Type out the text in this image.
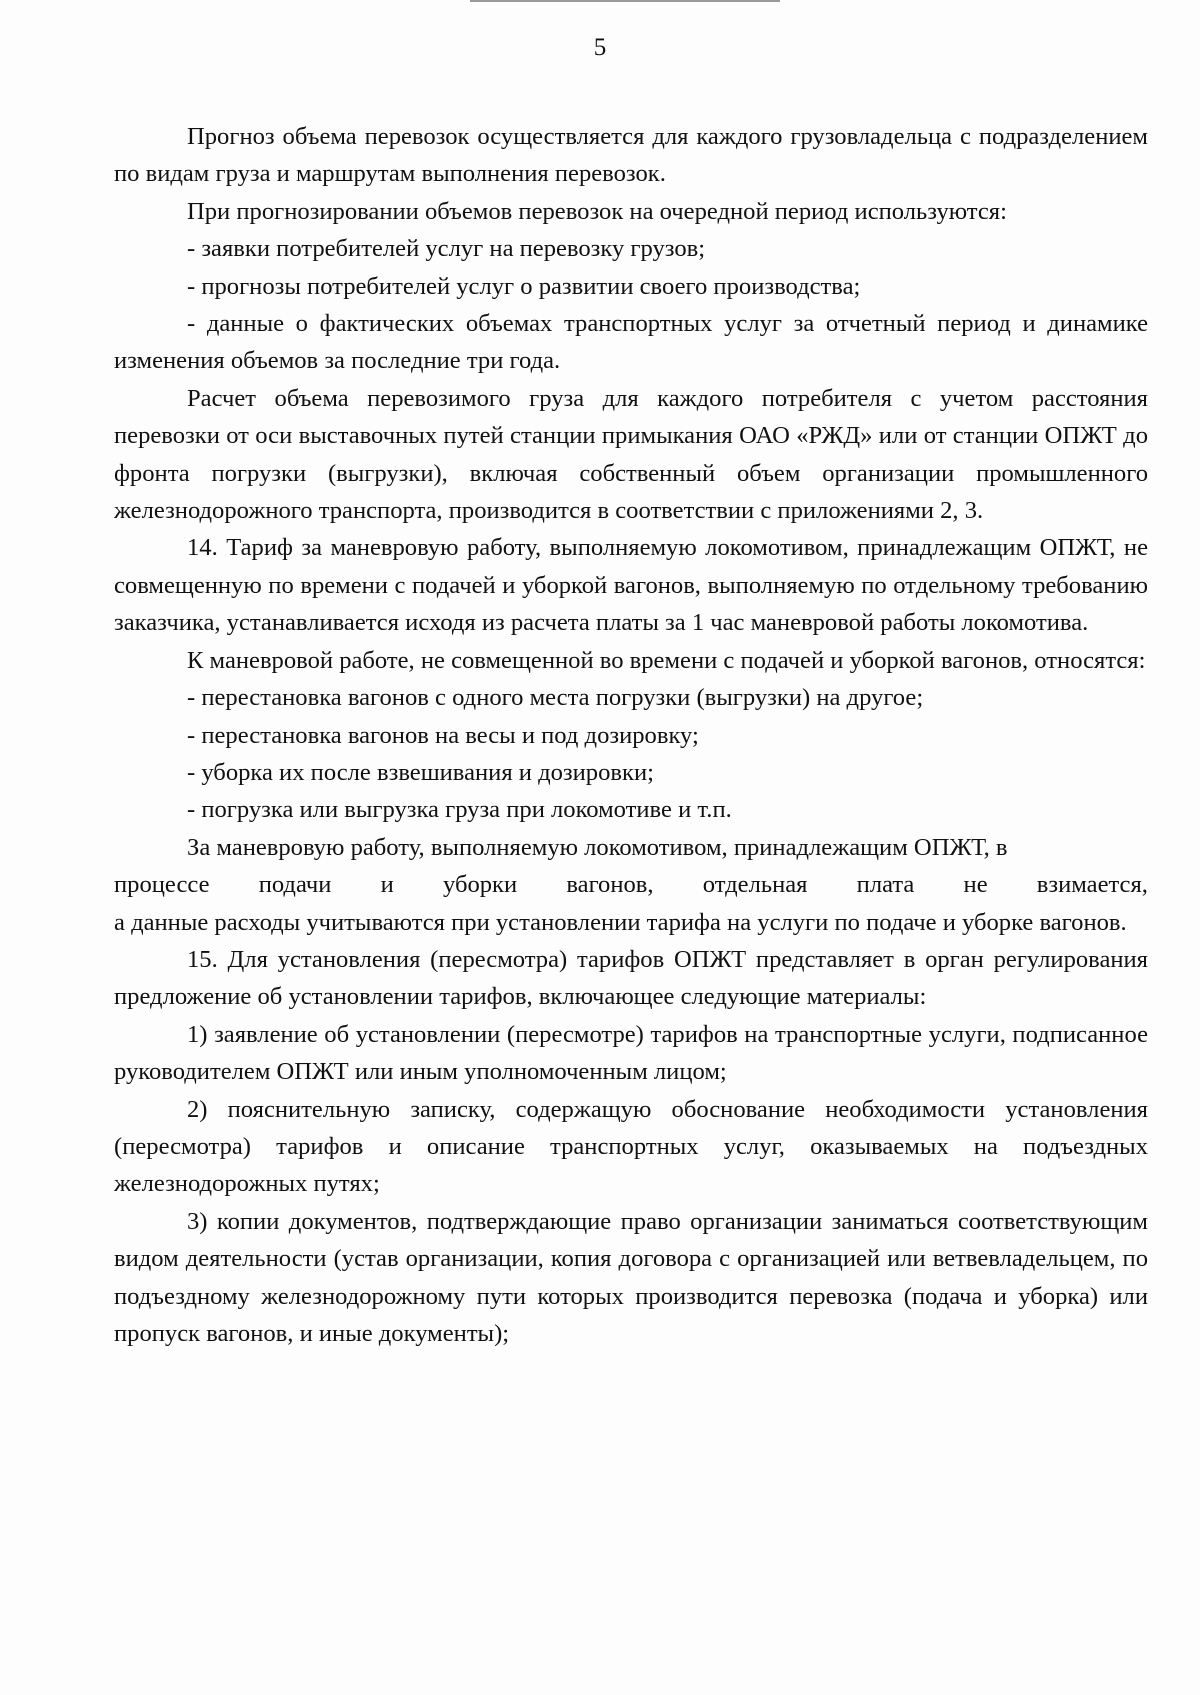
5

Прогноз объема перевозок осуществляется для каждого грузовладельца с подразделением по видам груза и маршрутам выполнения перевозок.

При прогнозировании объемов перевозок на очередной период используются:

- заявки потребителей услуг на перевозку грузов;

- прогнозы потребителей услуг о развитии своего производства;

- данные о фактических объемах транспортных услуг за отчетный период и динамике изменения объемов за последние три года.

Расчет объема перевозимого груза для каждого потребителя с учетом расстояния перевозки от оси выставочных путей станции примыкания ОАО «РЖД» или от станции ОПЖТ до фронта погрузки (выгрузки), включая собственный объем организации промышленного железнодорожного транспорта, производится в соответствии с приложениями 2, 3.

14. Тариф за маневровую работу, выполняемую локомотивом, принадлежащим ОПЖТ, не совмещенную по времени с подачей и уборкой вагонов, выполняемую по отдельному требованию заказчика, устанавливается исходя из расчета платы за 1 час маневровой работы локомотива.

К маневровой работе, не совмещенной во времени с подачей и уборкой вагонов, относятся:

- перестановка вагонов с одного места погрузки (выгрузки) на другое;

- перестановка вагонов на весы и под дозировку;

- уборка их после взвешивания и дозировки;

- погрузка или выгрузка груза при локомотиве и т.п.

За маневровую работу, выполняемую локомотивом, принадлежащим ОПЖТ, в

процессе подачи и уборки вагонов, отдельная плата не взимается,

а данные расходы учитываются при установлении тарифа на услуги по подаче и уборке вагонов.

15. Для установления (пересмотра) тарифов ОПЖТ представляет в орган регулирования предложение об установлении тарифов, включающее следующие материалы:

1) заявление об установлении (пересмотре) тарифов на транспортные услуги, подписанное руководителем ОПЖТ или иным уполномоченным лицом;

2) пояснительную записку, содержащую обоснование необходимости установления (пересмотра) тарифов и описание транспортных услуг, оказываемых на подъездных железнодорожных путях;

3) копии документов, подтверждающие право организации заниматься соответствующим видом деятельности (устав организации, копия договора с организацией или ветвевладельцем, по подъездному железнодорожному пути которых производится перевозка (подача и уборка) или пропуск вагонов, и иные документы);
